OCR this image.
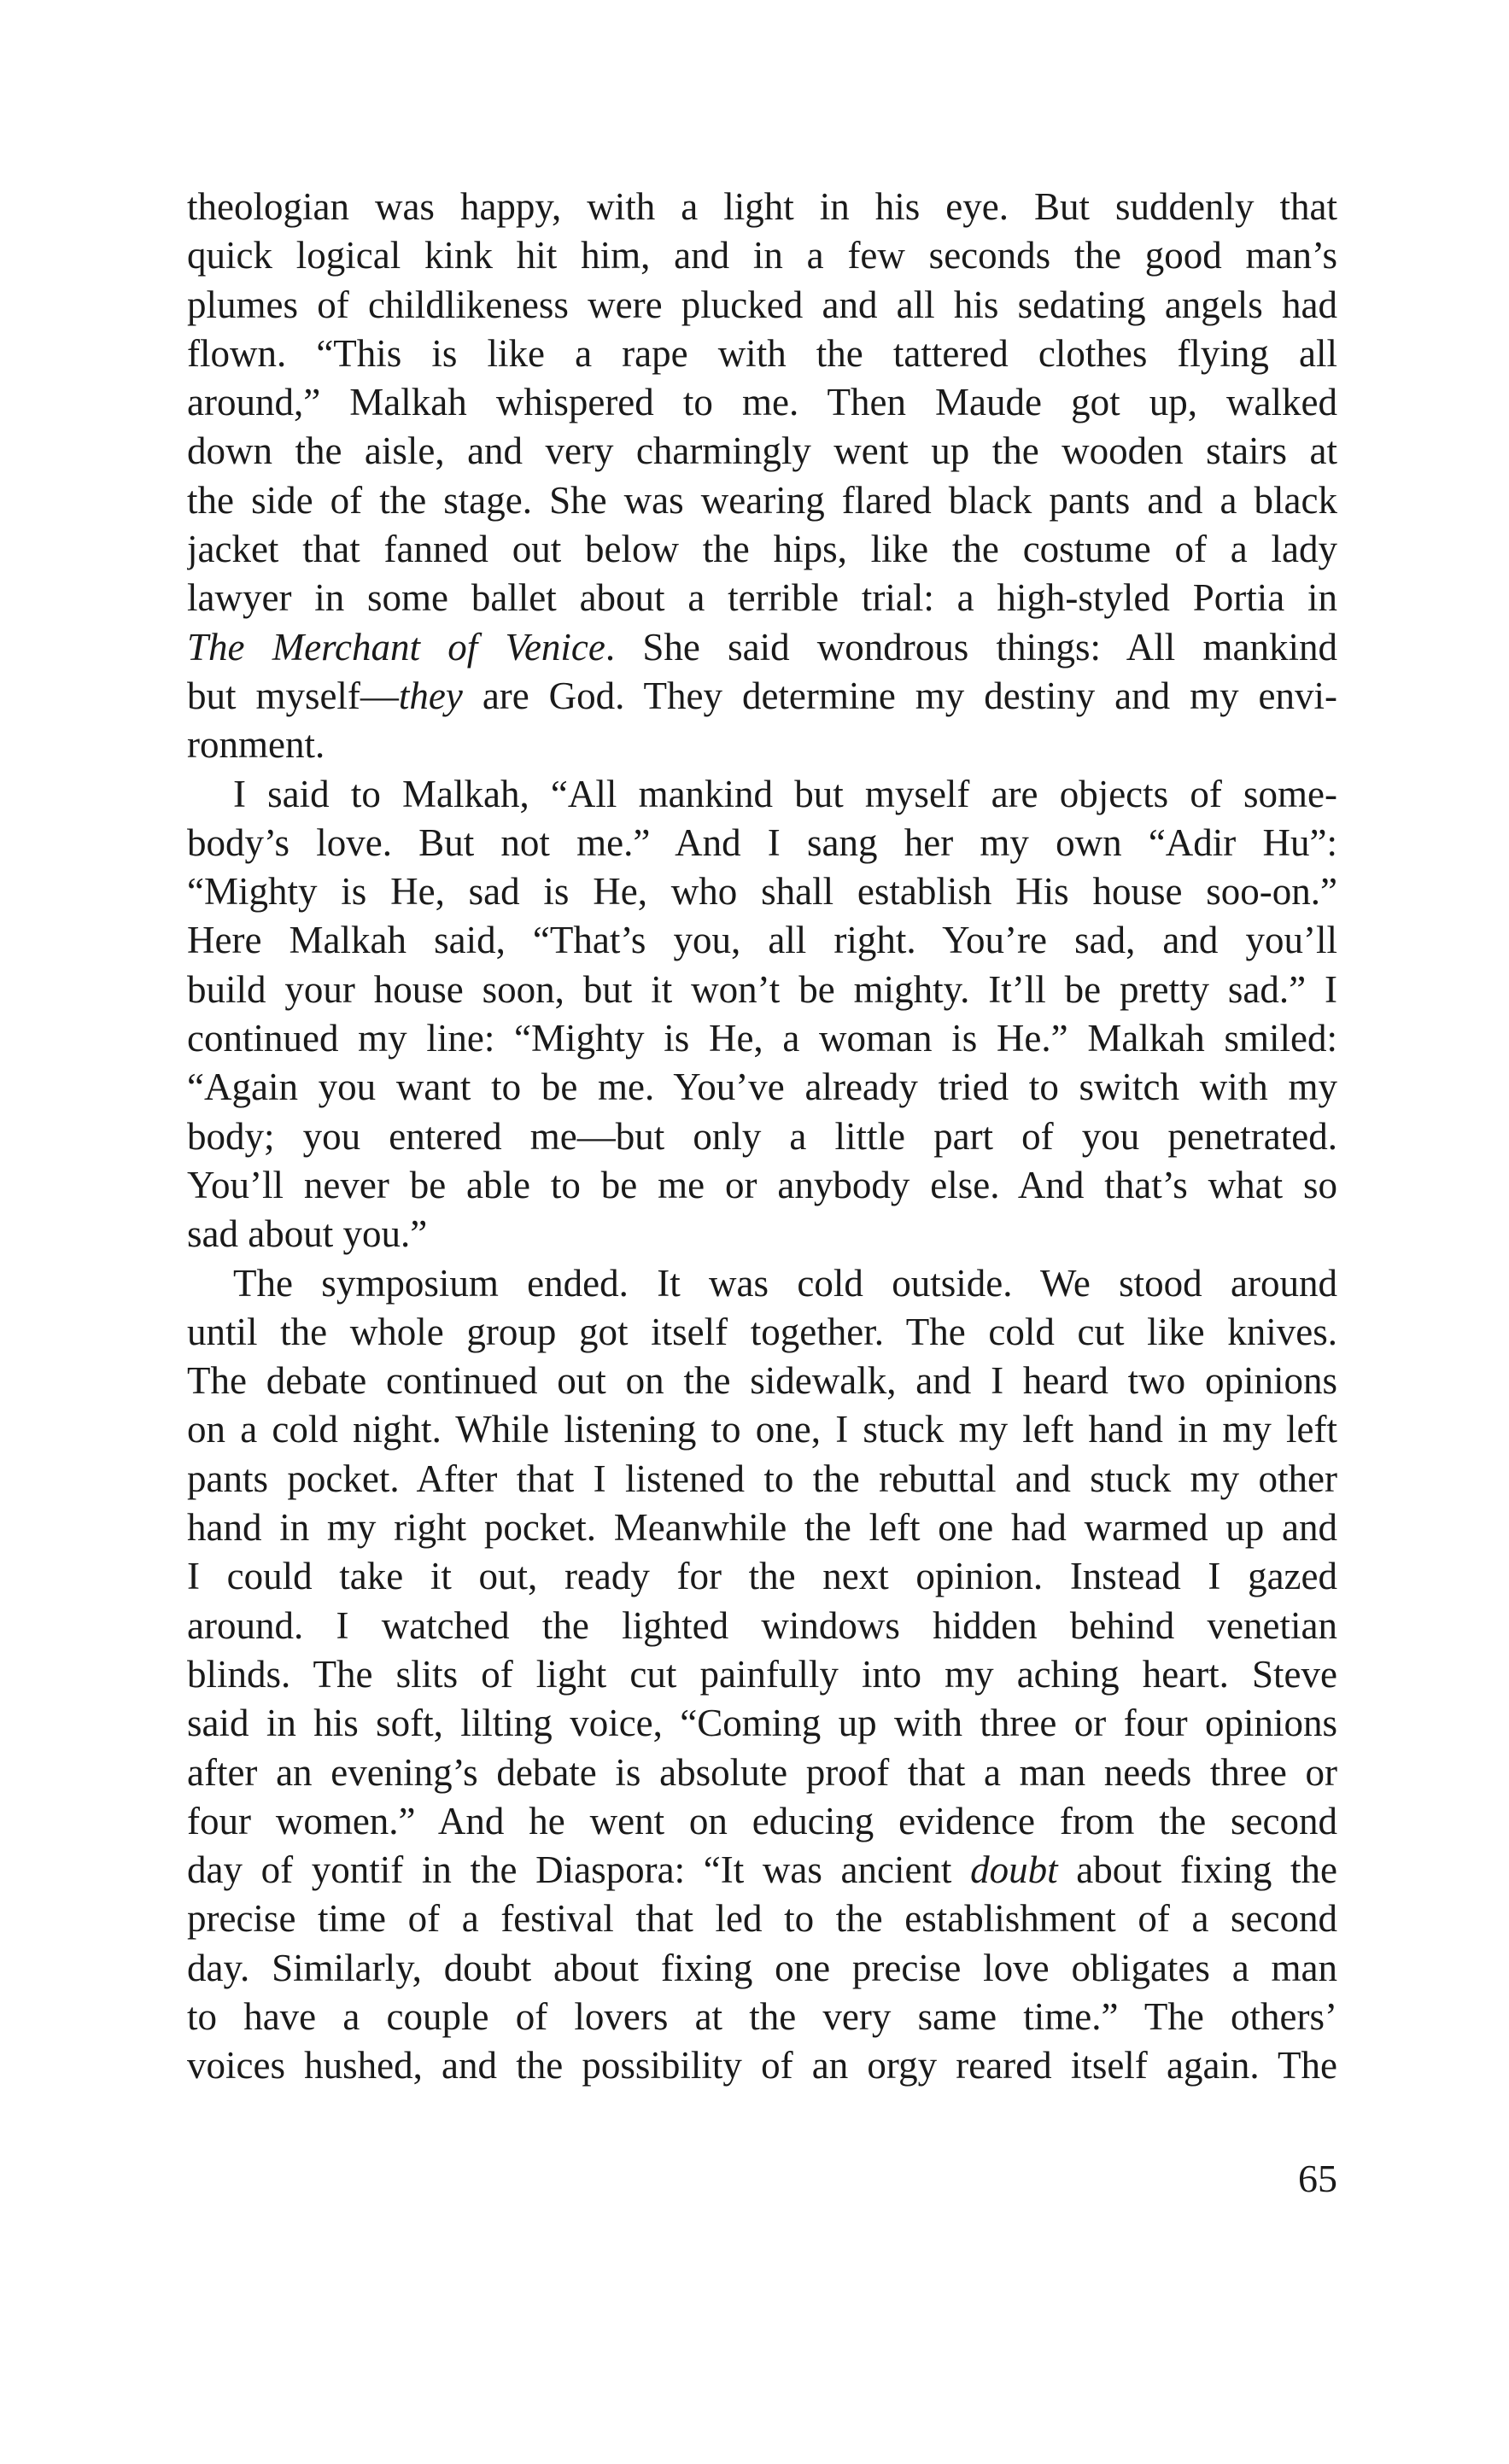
theologian was happy, with a light in his eye. But suddenly that
quick logical kink hit him, and in a few seconds the good man’s
plumes of childlikeness were plucked and all his sedating angels had
flown. “This is like a rape with the tattered clothes flying all
around,” Malkah whispered to me. Then Maude got up, walked
down the aisle, and very charmingly went up the wooden stairs at
the side of the stage. She was wearing flared black pants and a black
jacket that fanned out below the hips, like the costume of a lady
lawyer in some ballet about a terrible trial: a high-styled Portia in
The Merchant of Venice. She said wondrous things: All mankind
but myself—they are God. They determine my destiny and my envi-
ronment.
I said to Malkah, “All mankind but myself are objects of some-
body’s love. But not me.” And I sang her my own “Adir Hu”:
“Mighty is He, sad is He, who shall establish His house soo-on.”
Here Malkah said, “That’s you, all right. You’re sad, and you’ll
build your house soon, but it won’t be mighty. It’ll be pretty sad.” I
continued my line: “Mighty is He, a woman is He.” Malkah smiled:
“Again you want to be me. You’ve already tried to switch with my
body; you entered me—but only a little part of you penetrated.
You’ll never be able to be me or anybody else. And that’s what so
sad about you.”
The symposium ended. It was cold outside. We stood around
until the whole group got itself together. The cold cut like knives.
The debate continued out on the sidewalk, and I heard two opinions
on a cold night. While listening to one, I stuck my left hand in my left
pants pocket. After that I listened to the rebuttal and stuck my other
hand in my right pocket. Meanwhile the left one had warmed up and
I could take it out, ready for the next opinion. Instead I gazed
around. I watched the lighted windows hidden behind venetian
blinds. The slits of light cut painfully into my aching heart. Steve
said in his soft, lilting voice, “Coming up with three or four opinions
after an evening’s debate is absolute proof that a man needs three or
four women.” And he went on educing evidence from the second
day of yontif in the Diaspora: “It was ancient doubt about fixing the
precise time of a festival that led to the establishment of a second
day. Similarly, doubt about fixing one precise love obligates a man
to have a couple of lovers at the very same time.” The others’
voices hushed, and the possibility of an orgy reared itself again. The
65
